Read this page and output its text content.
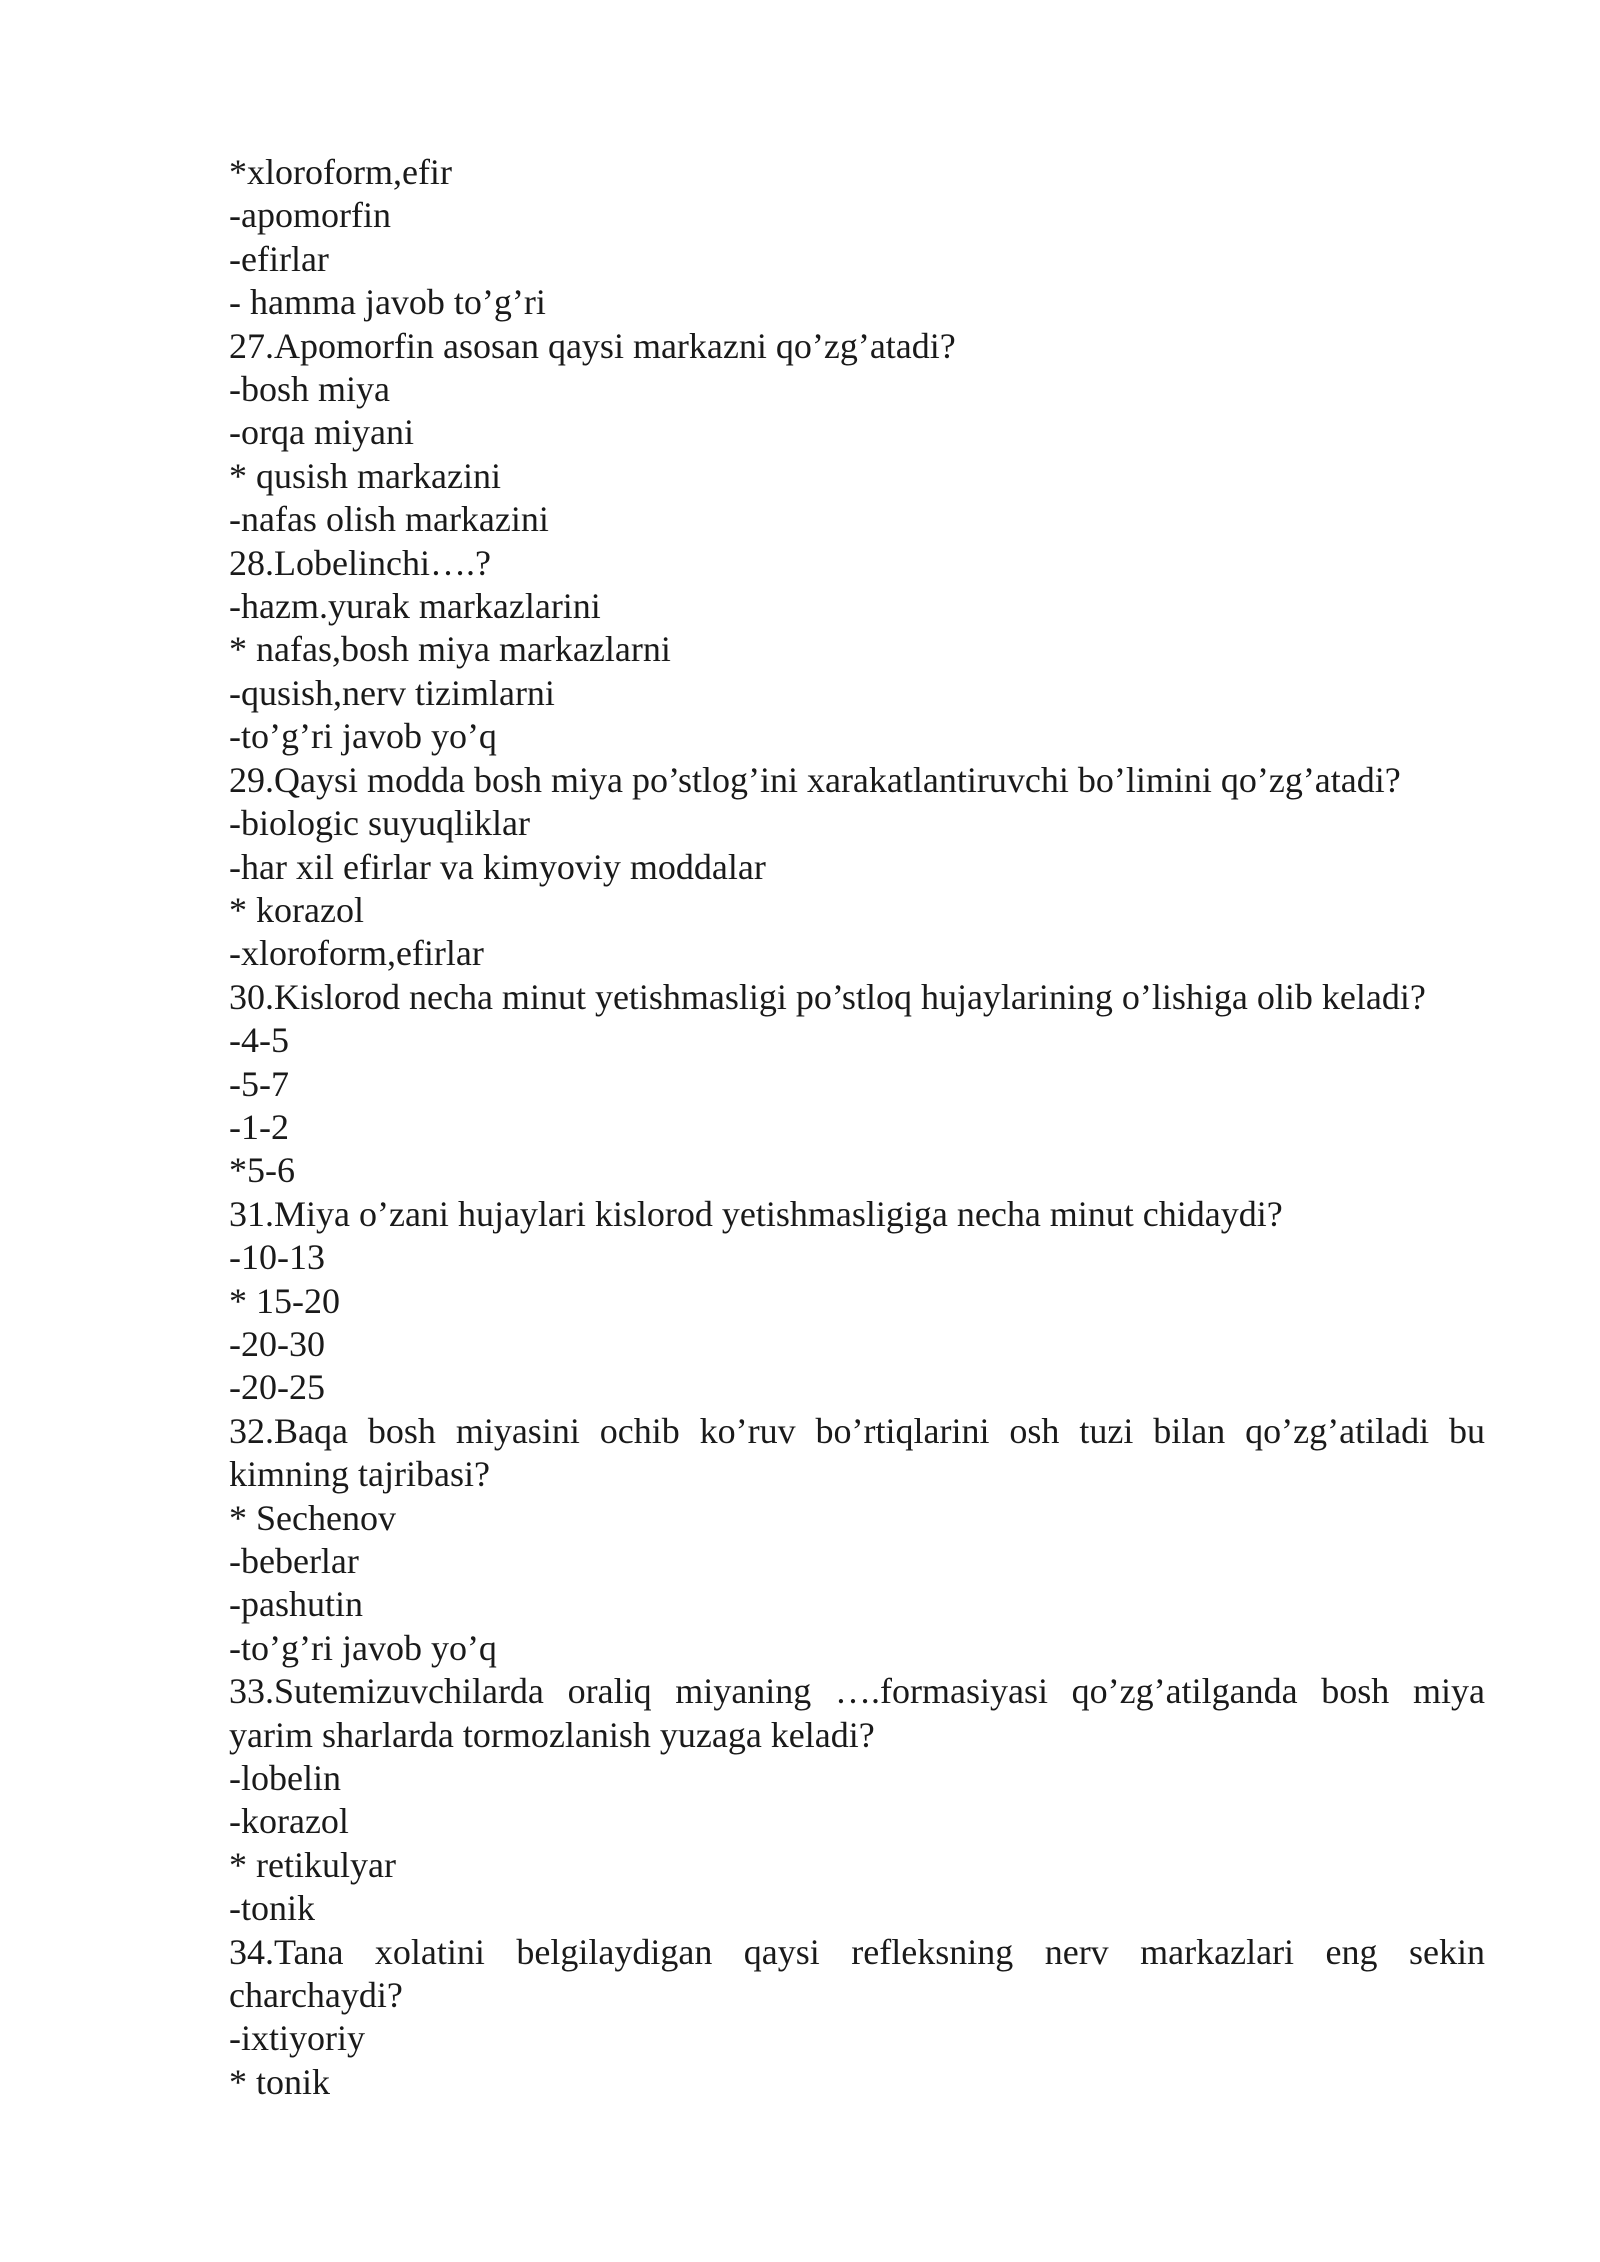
*xloroform,efir
-apomorfin
-efirlar
- hamma javob to’g’ri
27.Apomorfin asosan qaysi markazni qo’zg’atadi?
-bosh miya
-orqa miyani
* qusish markazini
-nafas olish markazini
28.Lobelinchi….?
-hazm.yurak markazlarini
* nafas,bosh miya markazlarni
-qusish,nerv tizimlarni
-to’g’ri javob yo’q
29.Qaysi modda bosh miya po’stlog’ini xarakatlantiruvchi bo’limini qo’zg’atadi?
-biologic suyuqliklar
-har xil efirlar va kimyoviy moddalar
* korazol
-xloroform,efirlar
30.Kislorod necha minut yetishmasligi po’stloq hujaylarining o’lishiga olib keladi?
-4-5
-5-7
-1-2
*5-6
31.Miya o’zani hujaylari kislorod yetishmasligiga necha minut chidaydi?
-10-13
* 15-20
-20-30
-20-25
32.Baqa bosh miyasini ochib ko’ruv bo’rtiqlarini osh tuzi bilan qo’zg’atiladi bu kimning tajribasi?
* Sechenov
-beberlar
-pashutin
-to’g’ri javob yo’q
33.Sutemizuvchilarda oraliq miyaning ….formasiyasi qo’zg’atilganda bosh miya yarim sharlarda tormozlanish yuzaga keladi?
-lobelin
-korazol
* retikulyar
-tonik
34.Tana xolatini belgilaydigan qaysi refleksning nerv markazlari eng sekin charchaydi?
-ixtiyoriy
* tonik
